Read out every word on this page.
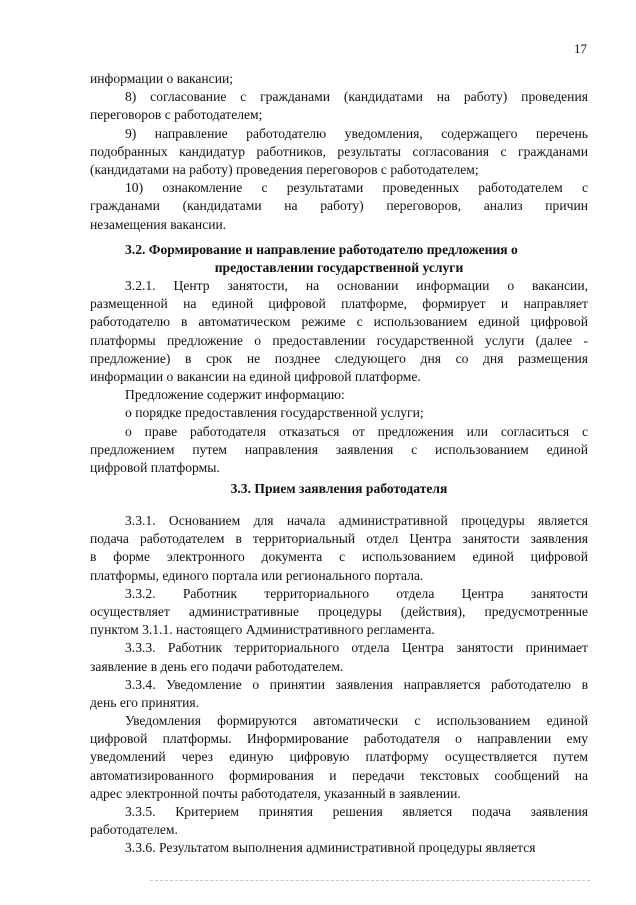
17
информации о вакансии;
8) согласование с гражданами (кандидатами на работу) проведения
переговоров с работодателем;
9) направление работодателю уведомления, содержащего перечень
подобранных кандидатур работников, результаты согласования с гражданами
(кандидатами на работу) проведения переговоров с работодателем;
10) ознакомление с результатами проведенных работодателем с
гражданами (кандидатами на работу) переговоров, анализ причин
незамещения вакансии.
3.2. Формирование и направление работодателю предложения о
предоставлении государственной услуги
3.2.1. Центр занятости, на основании информации о вакансии,
размещенной на единой цифровой платформе, формирует и направляет
работодателю в автоматическом режиме с использованием единой цифровой
платформы предложение о предоставлении государственной услуги (далее -
предложение) в срок не позднее следующего дня со дня размещения
информации о вакансии на единой цифровой платформе.
Предложение содержит информацию:
о порядке предоставления государственной услуги;
о праве работодателя отказаться от предложения или согласиться с
предложением путем направления заявления с использованием единой
цифровой платформы.
3.3. Прием заявления работодателя
3.3.1. Основанием для начала административной процедуры является
подача работодателем в территориальный отдел Центра занятости заявления
в форме электронного документа с использованием единой цифровой
платформы, единого портала или регионального портала.
3.3.2. Работник территориального отдела Центра занятости
осуществляет административные процедуры (действия), предусмотренные
пунктом 3.1.1. настоящего Административного регламента.
3.3.3. Работник территориального отдела Центра занятости принимает
заявление в день его подачи работодателем.
3.3.4. Уведомление о принятии заявления направляется работодателю в
день его принятия.
Уведомления формируются автоматически с использованием единой
цифровой платформы. Информирование работодателя о направлении ему
уведомлений через единую цифровую платформу осуществляется путем
автоматизированного формирования и передачи текстовых сообщений на
адрес электронной почты работодателя, указанный в заявлении.
3.3.5. Критерием принятия решения является подача заявления
работодателем.
3.3.6. Результатом выполнения административной процедуры является
